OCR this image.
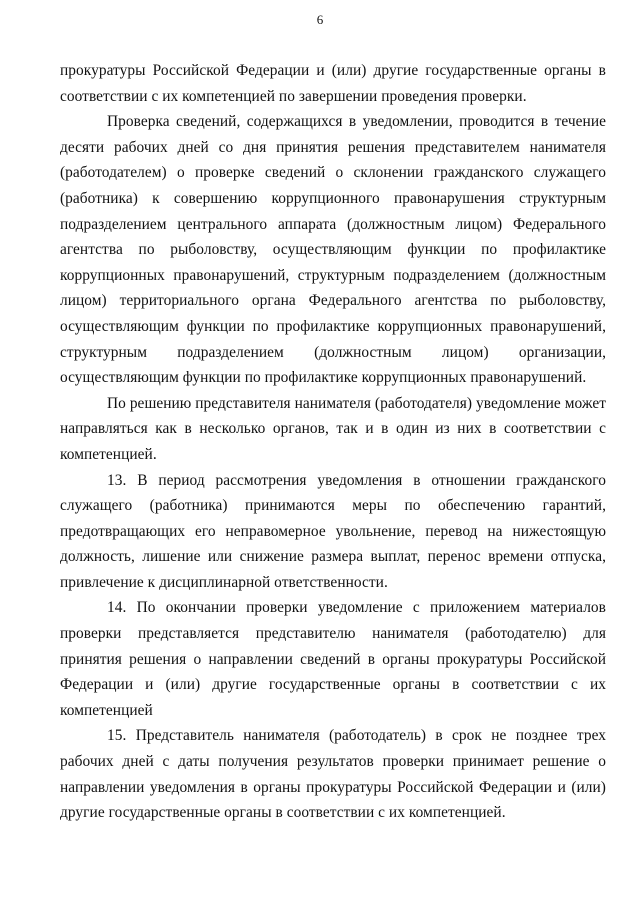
6

прокуратуры Российской Федерации и (или) другие государственные органы в соответствии с их компетенцией по завершении проведения проверки.

Проверка сведений, содержащихся в уведомлении, проводится в течение десяти рабочих дней со дня принятия решения представителем нанимателя (работодателем) о проверке сведений о склонении гражданского служащего (работника) к совершению коррупционного правонарушения структурным подразделением центрального аппарата (должностным лицом) Федерального агентства по рыболовству, осуществляющим функции по профилактике коррупционных правонарушений, структурным подразделением (должностным лицом) территориального органа Федерального агентства по рыболовству, осуществляющим функции по профилактике коррупционных правонарушений, структурным подразделением (должностным лицом) организации, осуществляющим функции по профилактике коррупционных правонарушений.

По решению представителя нанимателя (работодателя) уведомление может направляться как в несколько органов, так и в один из них в соответствии с компетенцией.

13. В период рассмотрения уведомления в отношении гражданского служащего (работника) принимаются меры по обеспечению гарантий, предотвращающих его неправомерное увольнение, перевод на нижестоящую должность, лишение или снижение размера выплат, перенос времени отпуска, привлечение к дисциплинарной ответственности.

14. По окончании проверки уведомление с приложением материалов проверки представляется представителю нанимателя (работодателю) для принятия решения о направлении сведений в органы прокуратуры Российской Федерации и (или) другие государственные органы в соответствии с их компетенцией

15. Представитель нанимателя (работодатель) в срок не позднее трех рабочих дней с даты получения результатов проверки принимает решение о направлении уведомления в органы прокуратуры Российской Федерации и (или) другие государственные органы в соответствии с их компетенцией.
